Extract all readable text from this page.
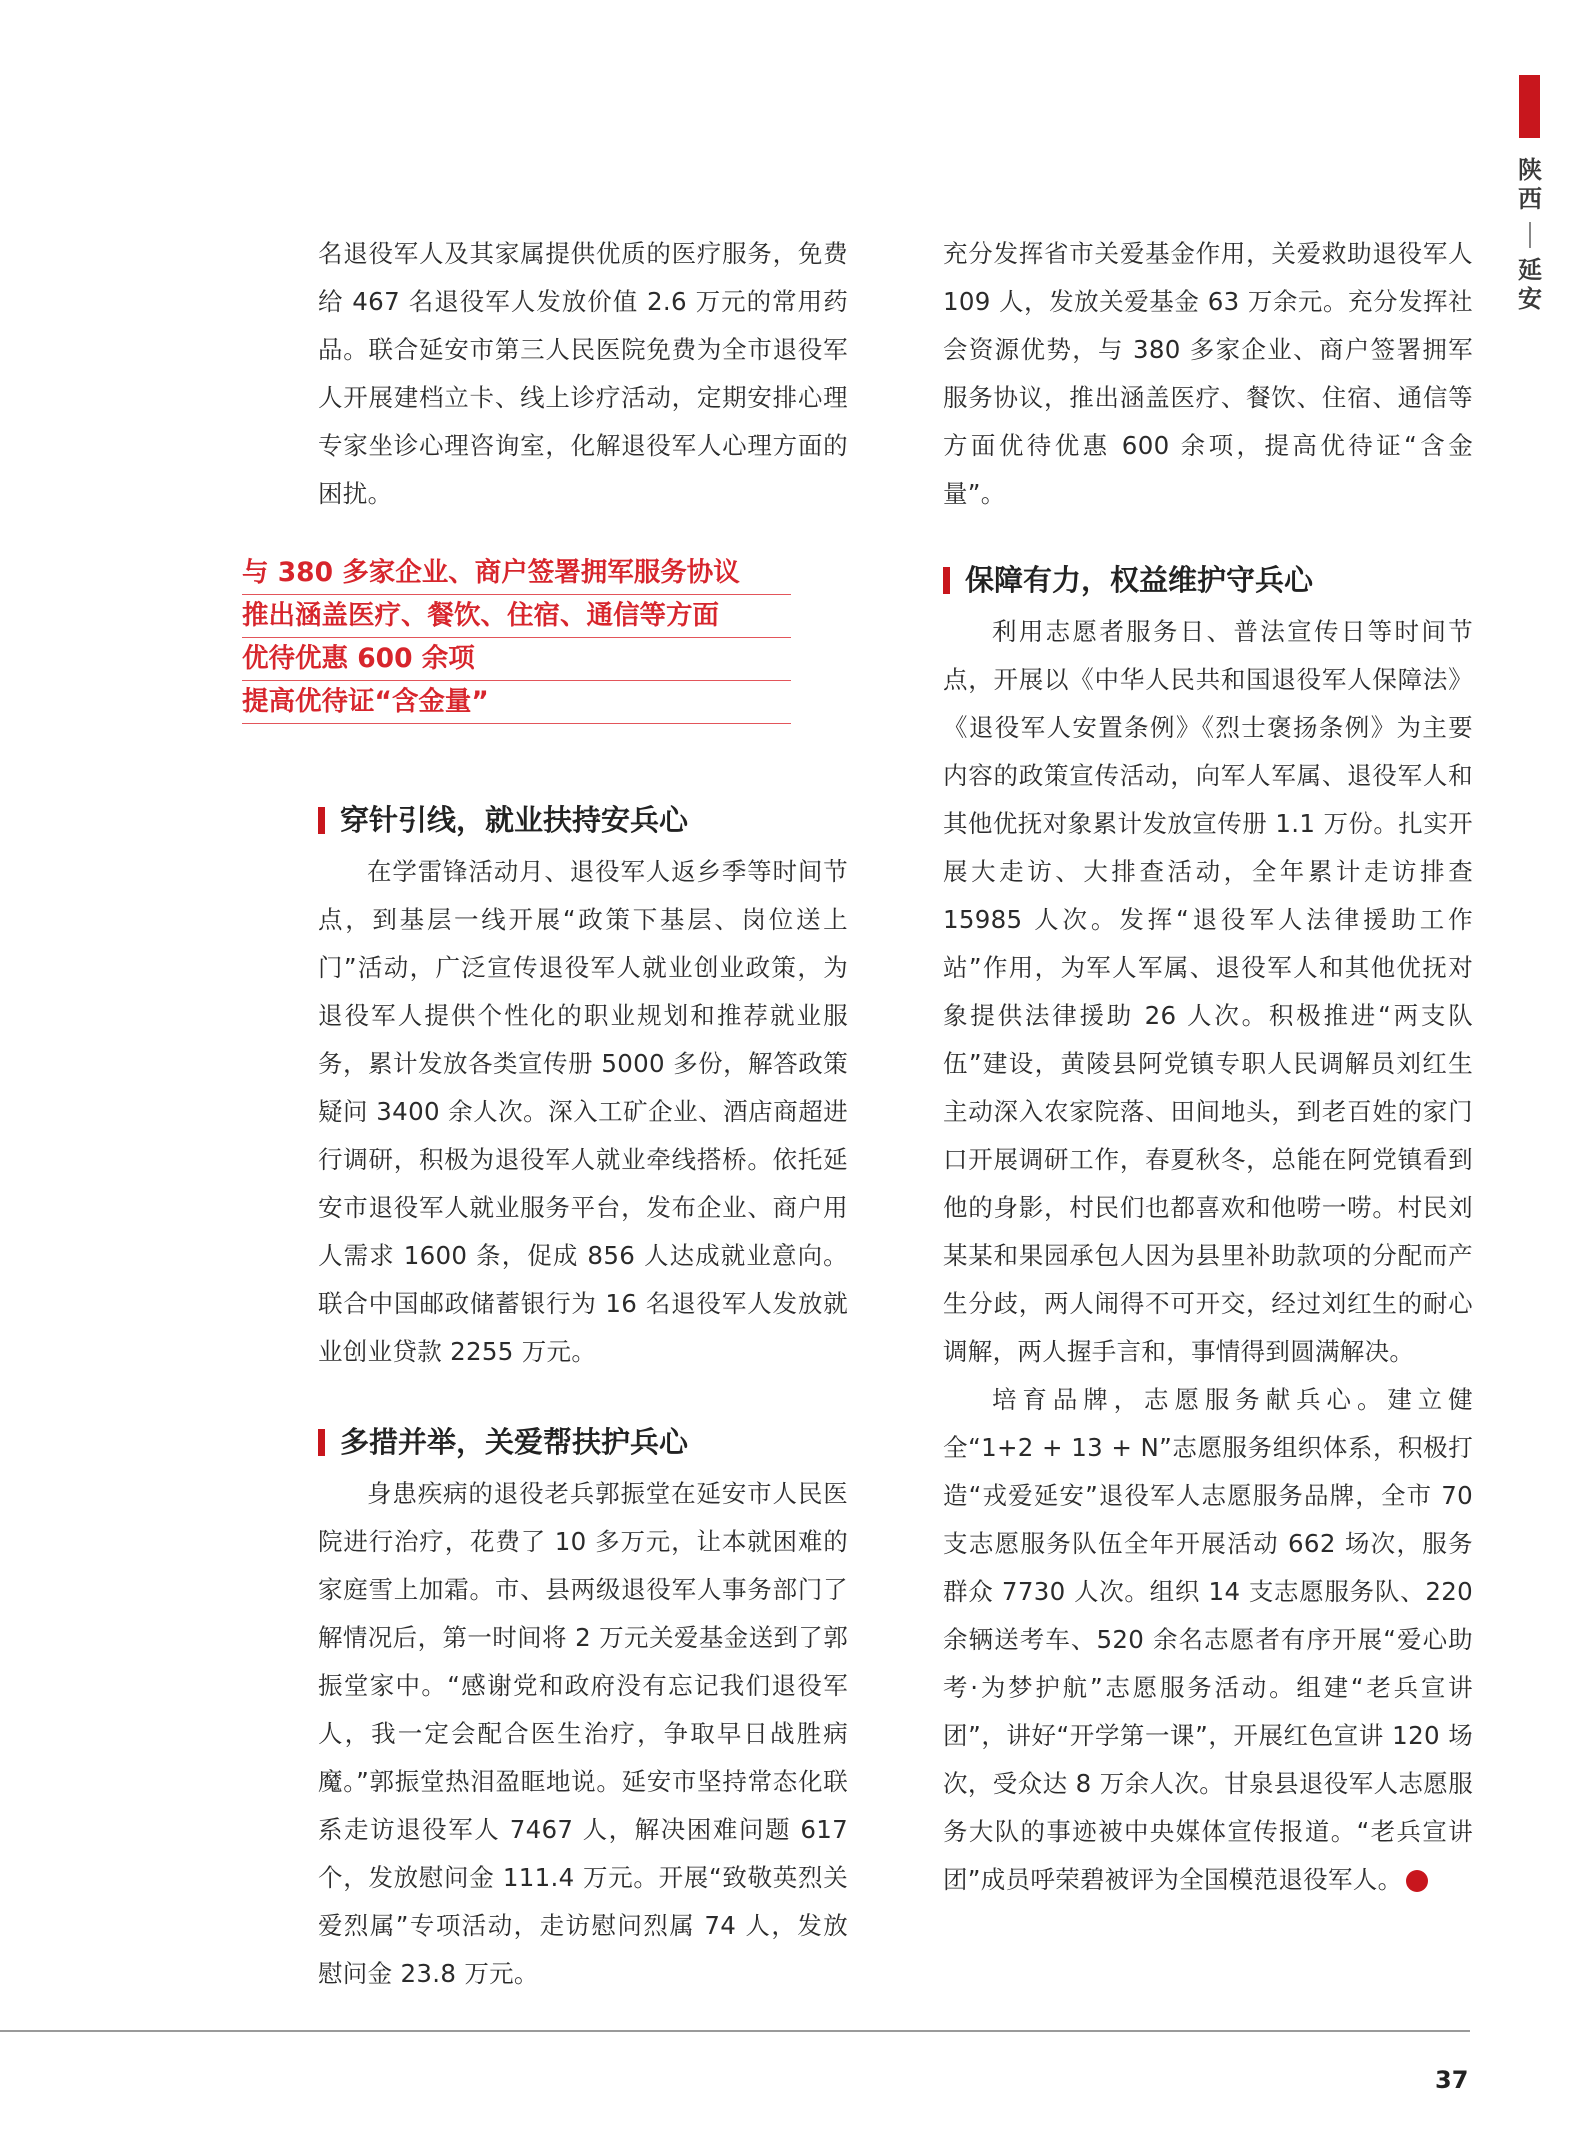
陕西
延安

名退役军人及其家属提供优质的医疗服务，免费给 467 名退役军人发放价值 2.6 万元的常用药品。联合延安市第三人民医院免费为全市退役军人开展建档立卡、线上诊疗活动，定期安排心理专家坐诊心理咨询室，化解退役军人心理方面的困扰。

与 380 多家企业、商户签署拥军服务协议
推出涵盖医疗、餐饮、住宿、通信等方面
优待优惠 600 余项
提高优待证“含金量”
穿针引线，就业扶持安兵心

在学雷锋活动月、退役军人返乡季等时间节点，到基层一线开展“政策下基层、岗位送上门”活动，广泛宣传退役军人就业创业政策，为退役军人提供个性化的职业规划和推荐就业服务，累计发放各类宣传册 5000 多份，解答政策疑问 3400 余人次。深入工矿企业、酒店商超进行调研，积极为退役军人就业牵线搭桥。依托延安市退役军人就业服务平台，发布企业、商户用人需求 1600 条，促成 856 人达成就业意向。联合中国邮政储蓄银行为 16 名退役军人发放就业创业贷款 2255 万元。

多措并举，关爱帮扶护兵心

身患疾病的退役老兵郭振堂在延安市人民医院进行治疗，花费了 10 多万元，让本就困难的家庭雪上加霜。市、县两级退役军人事务部门了解情况后，第一时间将 2 万元关爱基金送到了郭振堂家中。“感谢党和政府没有忘记我们退役军人，我一定会配合医生治疗，争取早日战胜病魔。”郭振堂热泪盈眶地说。延安市坚持常态化联系走访退役军人 7467 人，解决困难问题 617 个，发放慰问金 111.4 万元。开展“致敬英烈关爱烈属”专项活动，走访慰问烈属 74 人，发放慰问金 23.8 万元。

充分发挥省市关爱基金作用，关爱救助退役军人 109 人，发放关爱基金 63 万余元。充分发挥社会资源优势，与 380 多家企业、商户签署拥军服务协议，推出涵盖医疗、餐饮、住宿、通信等方面优待优惠 600 余项，提高优待证“含金量”。

保障有力，权益维护守兵心

利用志愿者服务日、普法宣传日等时间节点，开展以《中华人民共和国退役军人保障法》《退役军人安置条例》《烈士褒扬条例》为主要内容的政策宣传活动，向军人军属、退役军人和其他优抚对象累计发放宣传册 1.1 万份。扎实开展大走访、大排查活动，全年累计走访排查 15985 人次。发挥“退役军人法律援助工作站”作用，为军人军属、退役军人和其他优抚对象提供法律援助 26 人次。积极推进“两支队伍”建设，黄陵县阿党镇专职人民调解员刘红生主动深入农家院落、田间地头，到老百姓的家门口开展调研工作，春夏秋冬，总能在阿党镇看到他的身影，村民们也都喜欢和他唠一唠。村民刘某某和果园承包人因为县里补助款项的分配而产生分歧，两人闹得不可开交，经过刘红生的耐心调解，两人握手言和，事情得到圆满解决。

培育品牌，志愿服务献兵心。建立健全“1+2 + 13 + N”志愿服务组织体系，积极打造“戎爱延安”退役军人志愿服务品牌，全市 70 支志愿服务队伍全年开展活动 662 场次，服务群众 7730 人次。组织 14 支志愿服务队、220 余辆送考车、520 余名志愿者有序开展“爱心助考·为梦护航”志愿服务活动。组建“老兵宣讲团”，讲好“开学第一课”，开展红色宣讲 120 场次，受众达 8 万余人次。甘泉县退役军人志愿服务大队的事迹被中央媒体宣传报道。“老兵宣讲团”成员呼荣碧被评为全国模范退役军人。	N

37
